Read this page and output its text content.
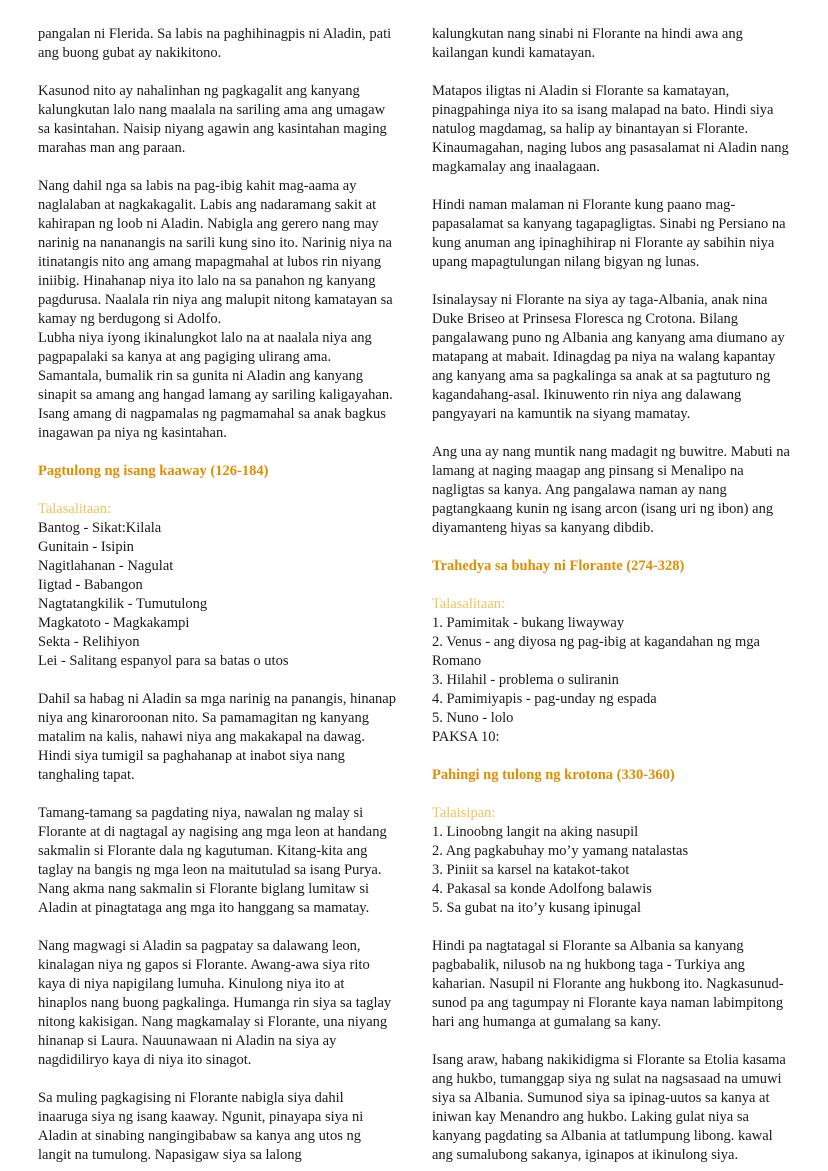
pangalan ni Flerida. Sa labis na paghihinagpis ni Aladin, pati ang buong gubat ay nakikitono.
Kasunod nito ay nahalinhan ng pagkagalit ang kanyang kalungkutan lalo nang maalala na sariling ama ang umagaw sa kasintahan. Naisip niyang agawin ang kasintahan maging marahas man ang paraan.
Nang dahil nga sa labis na pag-ibig kahit mag-aama ay naglalaban at nagkakagalit. Labis ang nadaramang sakit at kahirapan ng loob ni Aladin. Nabigla ang gerero nang may narinig na nananangis na sarili kung sino ito. Narinig niya na itinatangis nito ang amang mapagmahal at lubos rin niyang iniibig. Hinahanap niya ito lalo na sa panahon ng kanyang pagdurusa. Naalala rin niya ang malupit nitong kamatayan sa kamay ng berdugong si Adolfo.
Lubha niya iyong ikinalungkot lalo na at naalala niya ang pagpapalaki sa kanya at ang pagiging ulirang ama. Samantala, bumalik rin sa gunita ni Aladin ang kanyang sinapit sa amang ang hangad lamang ay sariling kaligayahan. Isang amang di nagpamalas ng pagmamahal sa anak bagkus inagawan pa niya ng kasintahan.
Pagtulong ng isang kaaway (126-184)
Talasalitaan:
Bantog - Sikat:Kilala
Gunitain - Isipin
Nagitlahanan - Nagulat
Iigtad - Babangon
Nagtatangkilik - Tumutulong
Magkatoto - Magkakampi
Sekta - Relihiyon
Lei - Salitang espanyol para sa batas o utos
Dahil sa habag ni Aladin sa mga narinig na panangis, hinanap niya ang kinaroroonan nito. Sa pamamagitan ng kanyang matalim na kalis, nahawi niya ang makakapal na dawag. Hindi siya tumigil sa paghahanap at inabot siya nang tanghaling tapat.
Tamang-tamang sa pagdating niya, nawalan ng malay si Florante at di nagtagal ay nagising ang mga leon at handang sakmalin si Florante dala ng kagutuman. Kitang-kita ang taglay na bangis ng mga leon na maitutulad sa isang Purya. Nang akma nang sakmalin si Florante biglang lumitaw si Aladin at pinagtataga ang mga ito hanggang sa mamatay.
Nang magwagi si Aladin sa pagpatay sa dalawang leon, kinalagan niya ng gapos si Florante. Awang-awa siya rito kaya di niya napigilang lumuha. Kinulong niya ito at hinaplos nang buong pagkalinga. Humanga rin siya sa taglay nitong kakisigan. Nang magkamalay si Florante, una niyang hinanap si Laura. Nauunawaan ni Aladin na siya ay nagdidiliryo kaya di niya ito sinagot.
Sa muling pagkagising ni Florante nabigla siya dahil inaaruga siya ng isang kaaway. Ngunit, pinayapa siya ni Aladin at sinabing nangingibabaw sa kanya ang utos ng langit na tumulong. Napasigaw siya sa lalong
kalungkutan nang sinabi ni Florante na hindi awa ang kailangan kundi kamatayan.
Matapos iligtas ni Aladin si Florante sa kamatayan, pinagpahinga niya ito sa isang malapad na bato. Hindi siya natulog magdamag, sa halip ay binantayan si Florante. Kinaumagahan, naging lubos ang pasasalamat ni Aladin nang magkamalay ang inaalagaan.
Hindi naman malaman ni Florante kung paano mag-papasalamat sa kanyang tagapagligtas. Sinabi ng Persiano na kung anuman ang ipinaghihirap ni Florante ay sabihin niya upang mapagtulungan nilang bigyan ng lunas.
Isinalaysay ni Florante na siya ay taga-Albania, anak nina Duke Briseo at Prinsesa Floresca ng Crotona. Bilang pangalawang puno ng Albania ang kanyang ama diumano ay matapang at mabait. Idinagdag pa niya na walang kapantay ang kanyang ama sa pagkalinga sa anak at sa pagtuturo ng kagandahang-asal. Ikinuwento rin niya ang dalawang pangyayari na kamuntik na siyang mamatay.
Ang una ay nang muntik nang madagit ng buwitre. Mabuti na lamang at naging maagap ang pinsang si Menalipo na nagligtas sa kanya. Ang pangalawa naman ay nang pagtangkaang kunin ng isang arcon (isang uri ng ibon) ang diyamanteng hiyas sa kanyang dibdib.
Trahedya sa buhay ni Florante (274-328)
Talasalitaan:
1. Pamimitak - bukang liwayway
2. Venus - ang diyosa ng pag-ibig at kagandahan ng mga Romano
3. Hilahil - problema o suliranin
4. Pamimiyapis - pag-unday ng espada
5. Nuno - lolo
PAKSA 10:
Pahingi ng tulong ng krotona (330-360)
Talaisipan:
1. Linoobng langit na aking nasupil
2. Ang pagkabuhay mo’y yamang natalastas
3. Piniit sa karsel na katakot-takot
4. Pakasal sa konde Adolfong balawis
5. Sa gubat na ito’y kusang ipinugal
Hindi pa nagtatagal si Florante sa Albania sa kanyang pagbabalik, nilusob na ng hukbong taga - Turkiya ang kaharian. Nasupil ni Florante ang hukbong ito. Nagkasunud-sunod pa ang tagumpay ni Florante kaya naman labimpitong hari ang humanga at gumalang sa kany.
Isang araw, habang nakikidigma si Florante sa Etolia kasama ang hukbo, tumanggap siya ng sulat na nagsasaad na umuwi siya sa Albania. Sumunod siya sa ipinag-uutos sa kanya at iniwan kay Menandro ang hukbo. Laking gulat niya sa kanyang pagdating sa Albania at tatlumpung libong. kawal ang sumalubong sakanya, iginapos at ikinulong siya.
